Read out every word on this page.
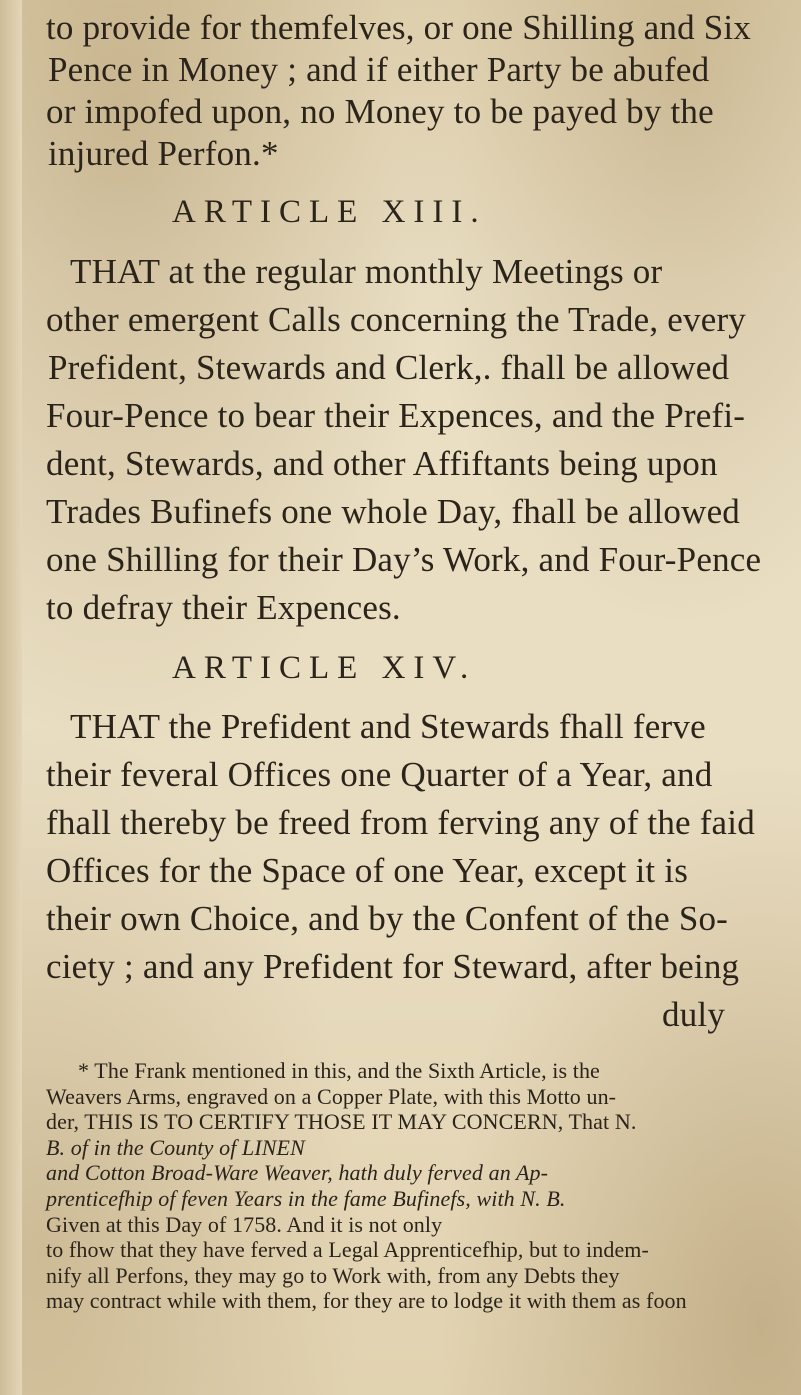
to provide for themfelves, or one Shilling and Six
Pence in Money ; and if either Party be abufed
or impofed upon, no Money to be payed by the
injured Perfon.*
ARTICLE XIII.
THAT at the regular monthly Meetings or
other emergent Calls concerning the Trade, every
Prefident, Stewards and Clerk,. fhall be allowed
Four-Pence to bear their Expences, and the Prefi-
dent, Stewards, and other Affiftants being upon
Trades Bufinefs one whole Day, fhall be allowed
one Shilling for their Day’s Work, and Four-Pence
to defray their Expences.
ARTICLE XIV.
THAT the Prefident and Stewards fhall ferve
their feveral Offices one Quarter of a Year, and
fhall thereby be freed from ferving any of the faid
Offices for the Space of one Year, except it is
their own Choice, and by the Confent of the So-
ciety ; and any Prefident for Steward, after being
duly
* The Frank mentioned in this, and the Sixth Article, is the
Weavers Arms, engraved on a Copper Plate, with this Motto un-
der, THIS IS TO CERTIFY THOSE IT MAY CONCERN, That N.
B. of in the County of LINEN
and Cotton Broad-Ware Weaver, hath duly ferved an Ap-
prenticefhip of feven Years in the fame Bufinefs, with N. B.
Given at this Day of 1758. And it is not only
to fhow that they have ferved a Legal Apprenticefhip, but to indem-
nify all Perfons, they may go to Work with, from any Debts they
may contract while with them, for they are to lodge it with them as foon
